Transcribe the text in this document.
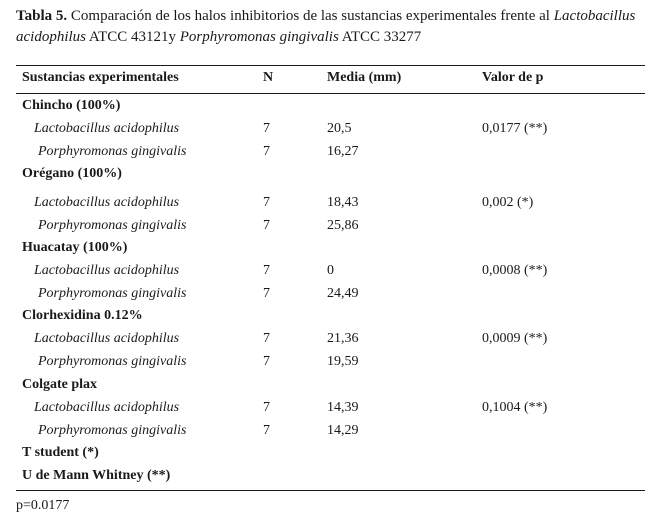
Tabla 5. Comparación de los halos inhibitorios de las sustancias experimentales frente al Lactobacillus acidophilus ATCC 43121y Porphyromonas gingivalis ATCC 33277
Sustancias experimentales	N	Media (mm)	Valor de p
Chincho (100%)
Lactobacillus acidophilus	7	20,5	0,0177 (**)
Porphyromonas gingivalis	7	16,27
Orégano (100%)
Lactobacillus acidophilus	7	18,43	0,002 (*)
Porphyromonas gingivalis	7	25,86
Huacatay (100%)
Lactobacillus acidophilus	7	0	0,0008 (**)
Porphyromonas gingivalis	7	24,49
Clorhexidina 0.12%
Lactobacillus acidophilus	7	21,36	0,0009 (**)
Porphyromonas gingivalis	7	19,59
Colgate plax
Lactobacillus acidophilus	7	14,39	0,1004 (**)
Porphyromonas gingivalis	7	14,29
T student (*)
U de Mann Whitney (**)
p=0.0177
